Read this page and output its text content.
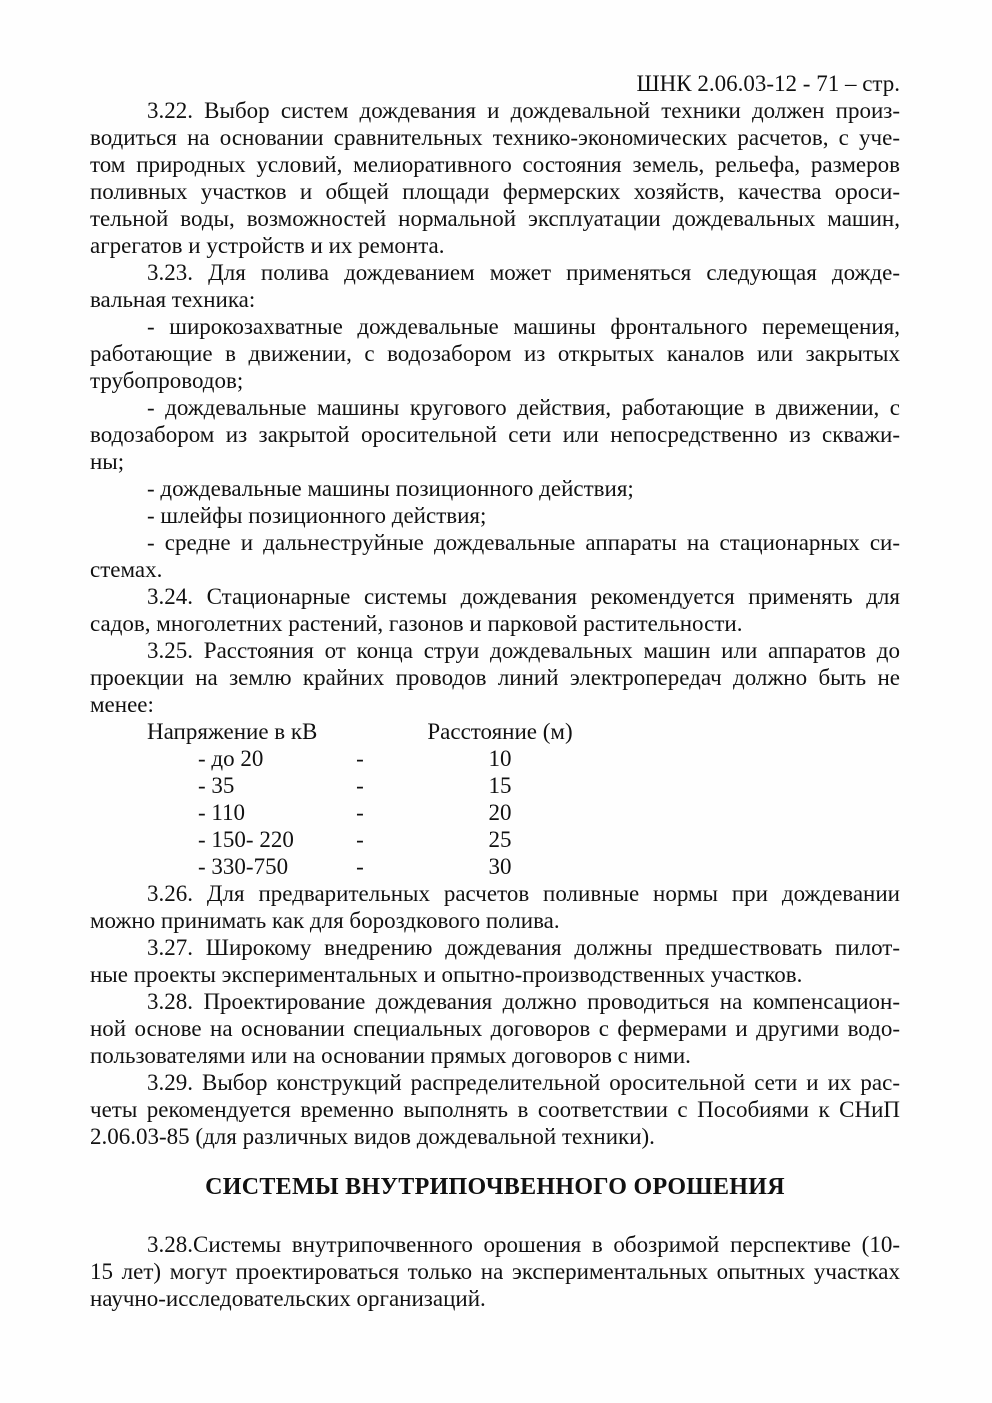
ШНК 2.06.03-12 - 71 – стр.
3.22. Выбор систем дождевания и дождевальной техники должен произ-
водиться на основании сравнительных технико-экономических расчетов, с уче-
том природных условий, мелиоративного состояния земель, рельефа, размеров
поливных участков и общей площади фермерских хозяйств, качества ороси-
тельной воды, возможностей нормальной эксплуатации дождевальных машин,
агрегатов и устройств и их ремонта.
3.23. Для полива дождеванием может применяться следующая дожде-
вальная техника:
- широкозахватные дождевальные машины фронтального перемещения,
работающие в движении, с водозабором из открытых каналов или закрытых
трубопроводов;
- дождевальные машины кругового действия, работающие в движении, с
водозабором из закрытой оросительной сети или непосредственно из скважи-
ны;
- дождевальные машины позиционного действия;
- шлейфы позиционного действия;
- средне и дальнеструйные дождевальные аппараты на стационарных си-
стемах.
3.24. Стационарные системы дождевания рекомендуется применять для
садов, многолетних растений, газонов и парковой растительности.
3.25. Расстояния от конца струи дождевальных машин или аппаратов до
проекции на землю крайних проводов линий электропередач должно быть не
менее:
Напряжение в кВ	Расстояние (м)
- до 20	-	10
- 35	-	15
- 110	-	20
- 150- 220	-	25
- 330-750	-	30
3.26. Для предварительных расчетов поливные нормы при дождевании
можно принимать как для бороздкового полива.
3.27. Широкому внедрению дождевания должны предшествовать пилот-
ные проекты экспериментальных и опытно-производственных участков.
3.28. Проектирование дождевания должно проводиться на компенсацион-
ной основе на основании специальных договоров с фермерами и другими водо-
пользователями или на основании прямых договоров с ними.
3.29. Выбор конструкций распределительной оросительной сети и их рас-
четы рекомендуется временно выполнять в соответствии с Пособиями к СНиП
2.06.03-85 (для различных видов дождевальной техники).
СИСТЕМЫ ВНУТРИПОЧВЕННОГО ОРОШЕНИЯ
3.28.Системы внутрипочвенного орошения в обозримой перспективе (10-
15 лет) могут проектироваться только на экспериментальных опытных участках
научно-исследовательских организаций.
